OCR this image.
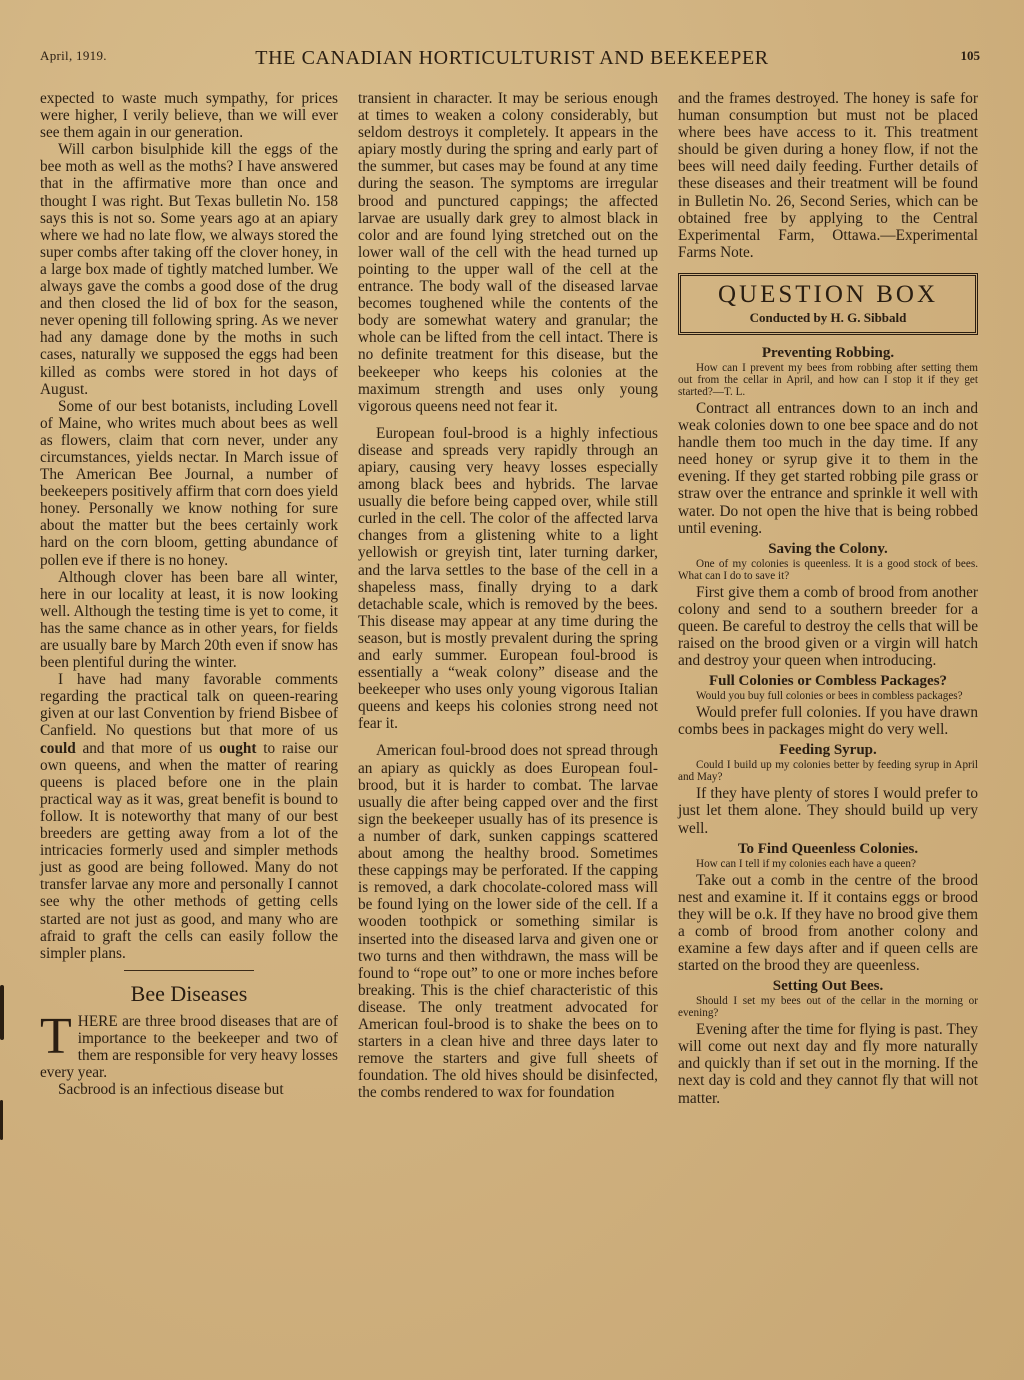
April, 1919.	THE CANADIAN HORTICULTURIST AND BEEKEEPER	105

expected to waste much sympathy, for prices were higher, I verily believe, than we will ever see them again in our generation.

Will carbon bisulphide kill the eggs of the bee moth as well as the moths? I have answered that in the affirmative more than once and thought I was right. But Texas bulletin No. 158 says this is not so. Some years ago at an apiary where we had no late flow, we always stored the super combs after taking off the clover honey, in a large box made of tightly matched lumber. We always gave the combs a good dose of the drug and then closed the lid of box for the season, never opening till following spring. As we never had any damage done by the moths in such cases, naturally we supposed the eggs had been killed as combs were stored in hot days of August.

Some of our best botanists, including Lovell of Maine, who writes much about bees as well as flowers, claim that corn never, under any circumstances, yields nectar. In March issue of The American Bee Journal, a number of beekeepers positively affirm that corn does yield honey. Personally we know nothing for sure about the matter but the bees certainly work hard on the corn bloom, getting abundance of pollen eve if there is no honey.

Although clover has been bare all winter, here in our locality at least, it is now looking well. Although the testing time is yet to come, it has the same chance as in other years, for fields are usually bare by March 20th even if snow has been plentiful during the winter.

I have had many favorable comments regarding the practical talk on queen-rearing given at our last Convention by friend Bisbee of Canfield. No questions but that more of us could and that more of us ought to raise our own queens, and when the matter of rearing queens is placed before one in the plain practical way as it was, great benefit is bound to follow. It is noteworthy that many of our best breeders are getting away from a lot of the intricacies formerly used and simpler methods just as good are being followed. Many do not transfer larvae any more and personally I cannot see why the other methods of getting cells started are not just as good, and many who are afraid to graft the cells can easily follow the simpler plans.

Bee Diseases

THERE are three brood diseases that are of importance to the beekeeper and two of them are responsible for very heavy losses every year.

Sacbrood is an infectious disease but

transient in character. It may be serious enough at times to weaken a colony considerably, but seldom destroys it completely. It appears in the apiary mostly during the spring and early part of the summer, but cases may be found at any time during the season. The symptoms are irregular brood and punctured cappings; the affected larvae are usually dark grey to almost black in color and are found lying stretched out on the lower wall of the cell with the head turned up pointing to the upper wall of the cell at the entrance. The body wall of the diseased larvae becomes toughened while the contents of the body are somewhat watery and granular; the whole can be lifted from the cell intact. There is no definite treatment for this disease, but the beekeeper who keeps his colonies at the maximum strength and uses only young vigorous queens need not fear it.

European foul-brood is a highly infectious disease and spreads very rapidly through an apiary, causing very heavy losses especially among black bees and hybrids. The larvae usually die before being capped over, while still curled in the cell. The color of the affected larva changes from a glistening white to a light yellowish or greyish tint, later turning darker, and the larva settles to the base of the cell in a shapeless mass, finally drying to a dark detachable scale, which is removed by the bees. This disease may appear at any time during the season, but is mostly prevalent during the spring and early summer. European foul-brood is essentially a “weak colony” disease and the beekeeper who uses only young vigorous Italian queens and keeps his colonies strong need not fear it.

American foul-brood does not spread through an apiary as quickly as does European foul-brood, but it is harder to combat. The larvae usually die after being capped over and the first sign the beekeeper usually has of its presence is a number of dark, sunken cappings scattered about among the healthy brood. Sometimes these cappings may be perforated. If the capping is removed, a dark chocolate-colored mass will be found lying on the lower side of the cell. If a wooden toothpick or something similar is inserted into the diseased larva and given one or two turns and then withdrawn, the mass will be found to “rope out” to one or more inches before breaking. This is the chief characteristic of this disease. The only treatment advocated for American foul-brood is to shake the bees on to starters in a clean hive and three days later to remove the starters and give full sheets of foundation. The old hives should be disinfected, the combs rendered to wax for foundation

and the frames destroyed. The honey is safe for human consumption but must not be placed where bees have access to it. This treatment should be given during a honey flow, if not the bees will need daily feeding. Further details of these diseases and their treatment will be found in Bulletin No. 26, Second Series, which can be obtained free by applying to the Central Experimental Farm, Ottawa.—Experimental Farms Note.

QUESTION BOX
Conducted by H. G. Sibbald
Preventing Robbing.

How can I prevent my bees from robbing after setting them out from the cellar in April, and how can I stop it if they get started?—T. L.

Contract all entrances down to an inch and weak colonies down to one bee space and do not handle them too much in the day time. If any need honey or syrup give it to them in the evening. If they get started robbing pile grass or straw over the entrance and sprinkle it well with water. Do not open the hive that is being robbed until evening.

Saving the Colony.

One of my colonies is queenless. It is a good stock of bees. What can I do to save it?

First give them a comb of brood from another colony and send to a southern breeder for a queen. Be careful to destroy the cells that will be raised on the brood given or a virgin will hatch and destroy your queen when introducing.

Full Colonies or Combless Packages?

Would you buy full colonies or bees in combless packages?

Would prefer full colonies. If you have drawn combs bees in packages might do very well.

Feeding Syrup.

Could I build up my colonies better by feeding syrup in April and May?

If they have plenty of stores I would prefer to just let them alone. They should build up very well.

To Find Queenless Colonies.

How can I tell if my colonies each have a queen?

Take out a comb in the centre of the brood nest and examine it. If it contains eggs or brood they will be o.k. If they have no brood give them a comb of brood from another colony and examine a few days after and if queen cells are started on the brood they are queenless.

Setting Out Bees.

Should I set my bees out of the cellar in the morning or evening?

Evening after the time for flying is past. They will come out next day and fly more naturally and quickly than if set out in the morning. If the next day is cold and they cannot fly that will not matter.
